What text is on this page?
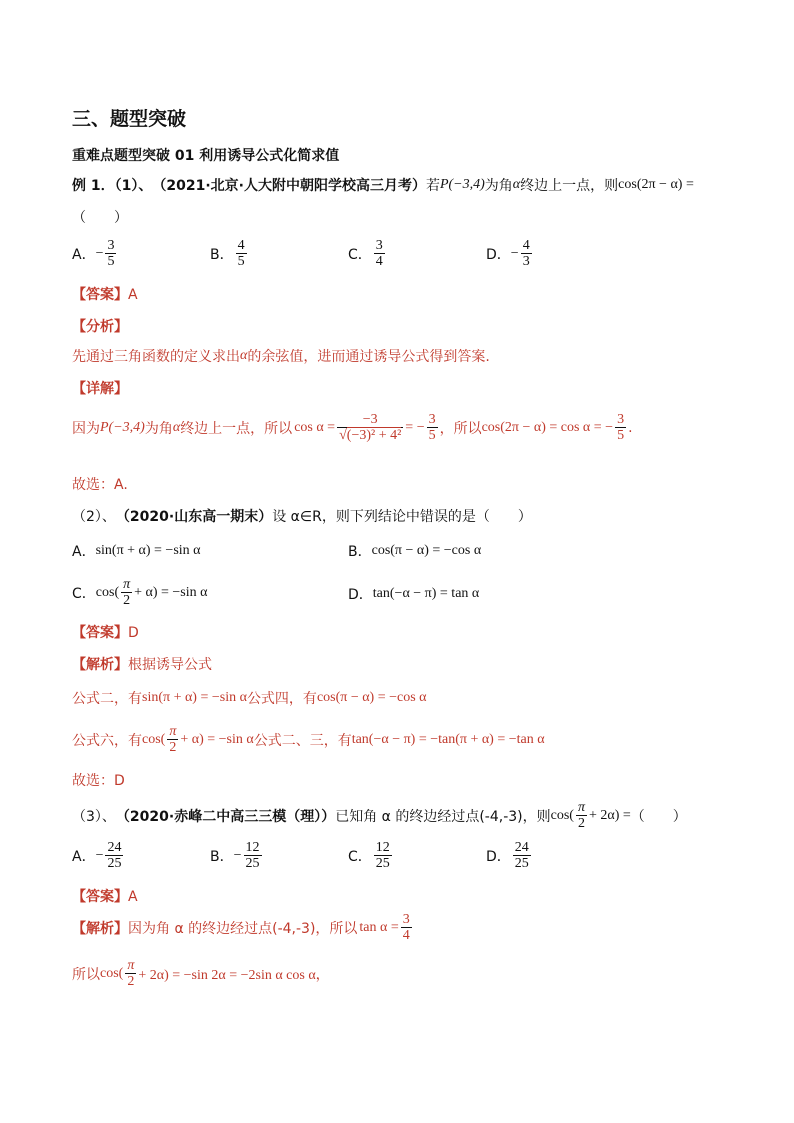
三、题型突破
重难点题型突破 01 利用诱导公式化简求值
例 1．（1）、 （2021·北京·人大附中朝阳学校高三月考） 若 P(−3,4) 为角 α 终边上一点，则 cos(2π − α) =
（　　）
A． − $\frac{3}{5}$	B． $\frac{4}{5}$	C． $\frac{3}{4}$	D． − $\frac{4}{3}$
【答案】A
【分析】
先通过三角函数的定义求出 α 的余弦值，进而通过诱导公式得到答案.
【详解】
因为 P(−3,4) 为角 α 终边上一点，所以 $\cos \alpha = \frac{-3}{\text{√(−3)² + 4²}}$ = − $\frac{3}{5}$ ，所以 cos(2π − α) = cos α = − $\frac{3}{5}$ .
故选：A.
（2）、 （2020·山东高一期末） 设 α∈R，则下列结论中错误的是（　　）
A． sin(π + α) = −sin α	B． cos(π − α) = −cos α
C． $\cos( \frac{\pi}{2} + \alpha) = -\sin$ α	D． tan(−α − π) = tan α
【答案】D
【解析】根据诱导公式
公式二，有 sin(π + α) = −sin α 公式四，有 cos(π − α) = −cos α
公式六，有 $\cos( \frac{\pi}{2} + \alpha) = -\sin$ α 公式二、三，有 tan(−α − π) = −tan(π + α) = −tan α
故选：D
（3）、 （2020·赤峰二中高三三模（理）） 已知角 α 的终边经过点(-4,-3)，则 $\cos( \frac{\pi}{2} + 2\alpha)$ = （　　）
A． − $\frac{24}{25}$	B． − $\frac{12}{25}$	C． $\frac{12}{25}$	D． $\frac{24}{25}$
【答案】A
【解析】 因为角 α 的终边经过点(-4,-3)，所以 $\tan \alpha = \frac{3}{4}$
所以 $\cos( \frac{\pi}{2} + 2\alpha) = -\sin$ 2α = −2sin α cos α，
